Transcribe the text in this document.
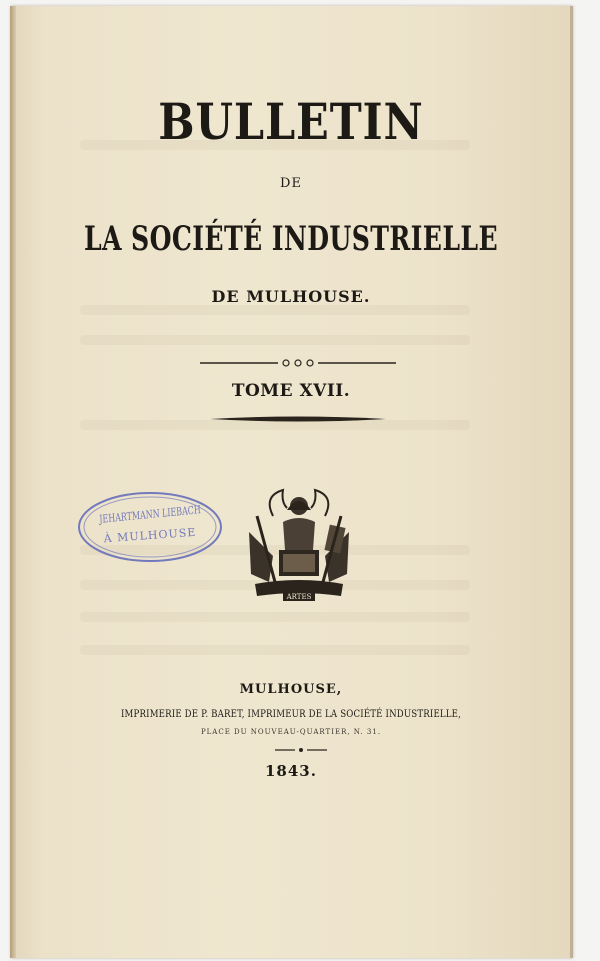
BULLETIN
DE
LA SOCIÉTÉ INDUSTRIELLE
DE MULHOUSE.
TOME XVII.
JEHARTMANN LIEBACH
À MULHOUSE
ARTES
MULHOUSE,
IMPRIMERIE DE P. BARET, IMPRIMEUR DE LA SOCIÉTÉ INDUSTRIELLE,
PLACE DU NOUVEAU-QUARTIER, N. 31.
1843.
